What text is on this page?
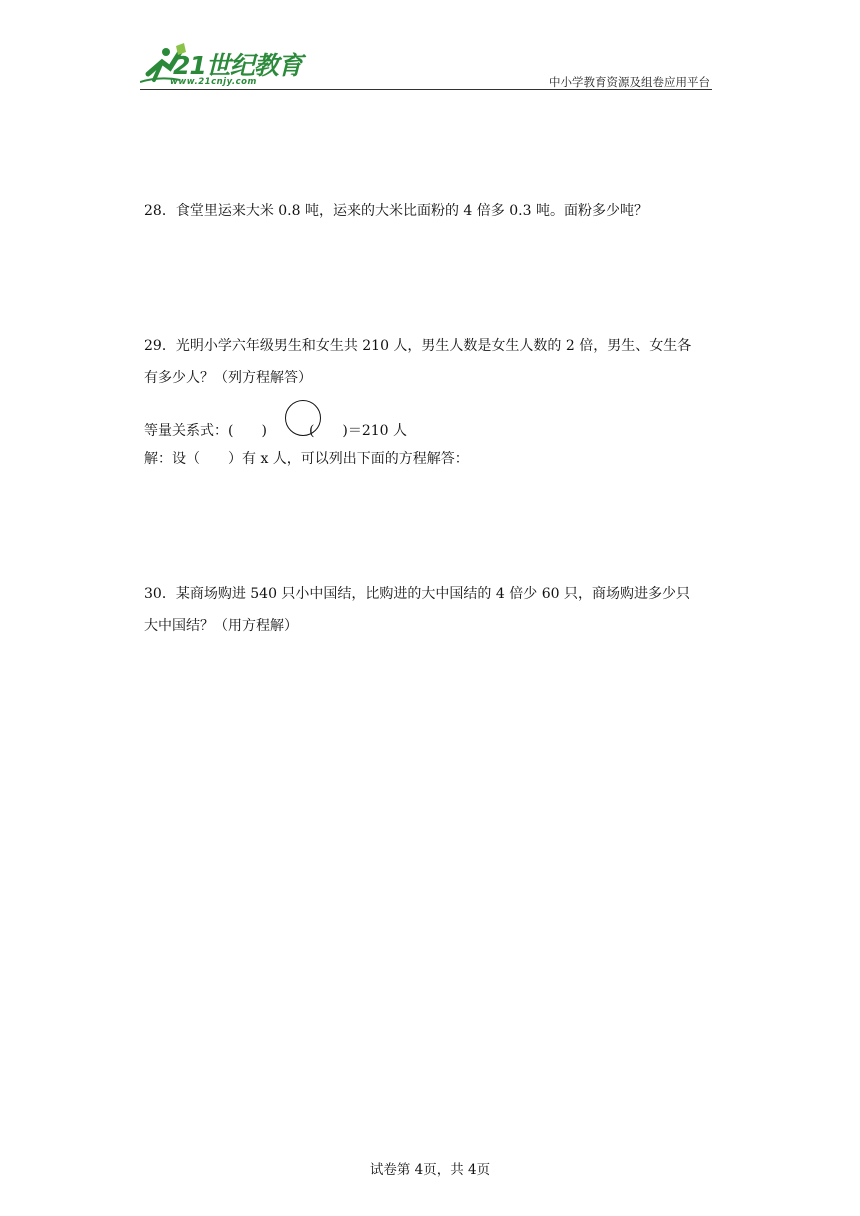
21世纪教育
www.21cnjy.com	中小学教育资源及组卷应用平台

28．食堂里运来大米 0.8 吨，运来的大米比面粉的 4 倍多 0.3 吨。面粉多少吨？

29．光明小学六年级男生和女生共 210 人，男生人数是女生人数的 2 倍，男生、女生各

有多少人？（列方程解答）

等量关系式：(　　)	(　　)＝210 人
解：设（　　）有 x 人，可以列出下面的方程解答：

30．某商场购进 540 只小中国结，比购进的大中国结的 4 倍少 60 只，商场购进多少只

大中国结？（用方程解）

试卷第 4页，共 4页
